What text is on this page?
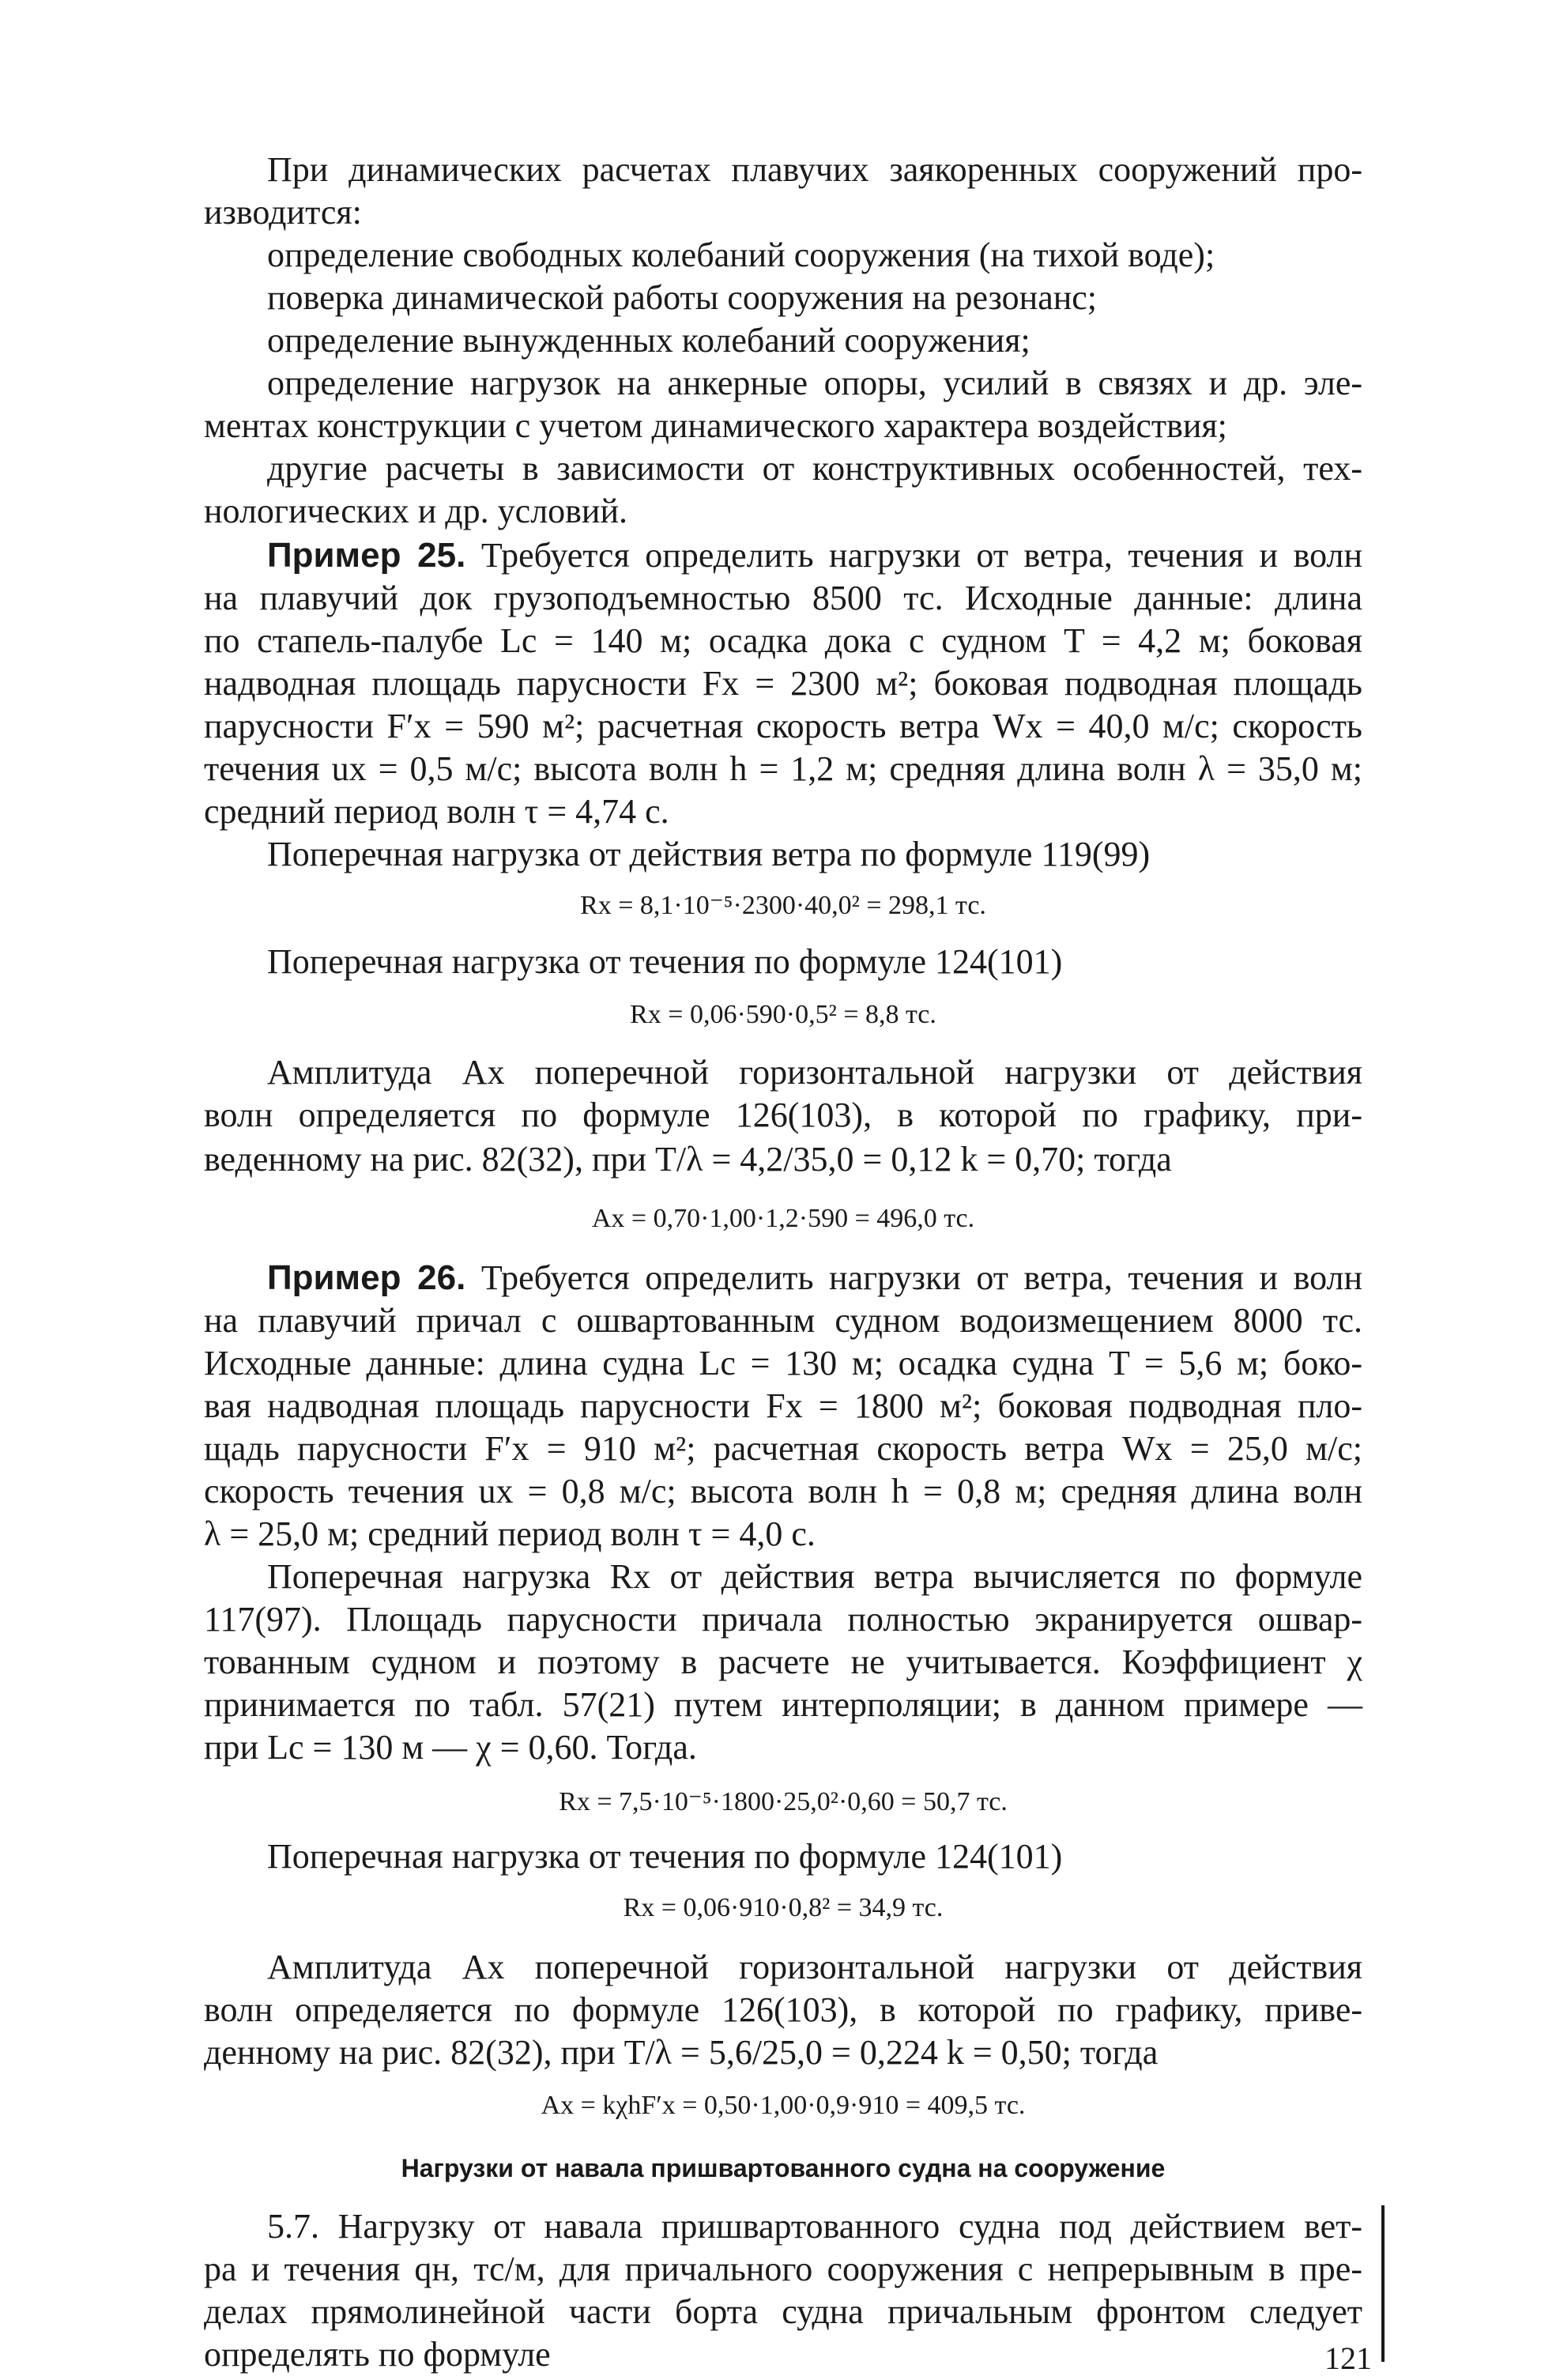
При динамических расчетах плавучих заякоренных сооружений про-
изводится:
определение свободных колебаний сооружения (на тихой воде);
поверка динамической работы сооружения на резонанс;
определение вынужденных колебаний сооружения;
определение нагрузок на анкерные опоры, усилий в связях и др. эле-
ментах конструкции с учетом динамического характера воздействия;
другие расчеты в зависимости от конструктивных особенностей, тех-
нологических и др. условий.
Пример 25. Требуется определить нагрузки от ветра, течения и волн
на плавучий док грузоподъемностью 8500 тс. Исходные данные: длина
по стапель-палубе Lc = 140 м; осадка дока с судном T = 4,2 м; боковая
надводная площадь парусности Fx = 2300 м²; боковая подводная площадь
парусности F′x = 590 м²; расчетная скорость ветра Wx = 40,0 м/с; скорость
течения ux = 0,5 м/с; высота волн h = 1,2 м; средняя длина волн λ = 35,0 м;
средний период волн τ = 4,74 с.
Поперечная нагрузка от действия ветра по формуле 119(99)
Rx = 8,1·10⁻⁵·2300·40,0² = 298,1 тс.
Поперечная нагрузка от течения по формуле 124(101)
Rx = 0,06·590·0,5² = 8,8 тс.
Амплитуда Ax поперечной горизонтальной нагрузки от действия
волн определяется по формуле 126(103), в которой по графику, при-
веденному на рис. 82(32), при T/λ = 4,2/35,0 = 0,12 k = 0,70; тогда
Ax = 0,70·1,00·1,2·590 = 496,0 тс.
Пример 26. Требуется определить нагрузки от ветра, течения и волн
на плавучий причал с ошвартованным судном водоизмещением 8000 тс.
Исходные данные: длина судна Lc = 130 м; осадка судна T = 5,6 м; боко-
вая надводная площадь парусности Fx = 1800 м²; боковая подводная пло-
щадь парусности F′x = 910 м²; расчетная скорость ветра Wx = 25,0 м/с;
скорость течения ux = 0,8 м/с; высота волн h = 0,8 м; средняя длина волн
λ = 25,0 м; средний период волн τ = 4,0 с.
Поперечная нагрузка Rx от действия ветра вычисляется по формуле
117(97). Площадь парусности причала полностью экранируется ошвар-
тованным судном и поэтому в расчете не учитывается. Коэффициент χ
принимается по табл. 57(21) путем интерполяции; в данном примере —
при Lc = 130 м — χ = 0,60. Тогда.
Rx = 7,5·10⁻⁵·1800·25,0²·0,60 = 50,7 тс.
Поперечная нагрузка от течения по формуле 124(101)
Rx = 0,06·910·0,8² = 34,9 тс.
Амплитуда Ax поперечной горизонтальной нагрузки от действия
волн определяется по формуле 126(103), в которой по графику, приве-
денному на рис. 82(32), при T/λ = 5,6/25,0 = 0,224 k = 0,50; тогда
Ax = kχhF′x = 0,50·1,00·0,9·910 = 409,5 тс.
Нагрузки от навала пришвартованного судна на сооружение
5.7. Нагрузку от навала пришвартованного судна под действием вет-
ра и течения qн, тс/м, для причального сооружения с непрерывным в пре-
делах прямолинейной части борта судна причальным фронтом следует
определять по формуле	121
